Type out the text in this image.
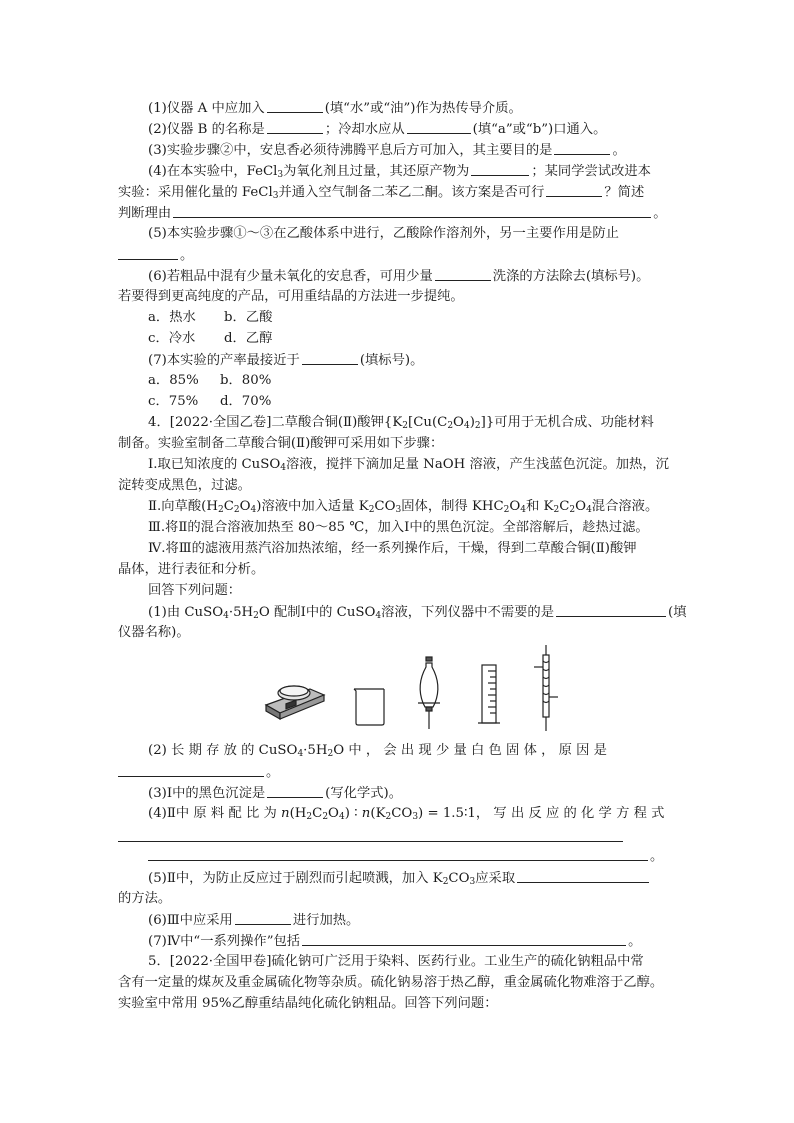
(1)仪器 A 中应加入	(填“水”或“油”)作为热传导介质。
(2)仪器 B 的名称是	；冷却水应从	(填“a”或“b”)口通入。
(3)实验步骤②中，安息香必须待沸腾平息后方可加入，其主要目的是	。
(4)在本实验中，FeCl$_3$为氧化剂且过量，其还原产物为	；某同学尝试改进本
实验：采用催化量的 FeCl$_3$并通入空气制备二苯乙二酮。该方案是否可行	？简述
判断理由	。
(5)本实验步骤①～③在乙酸体系中进行，乙酸除作溶剂外，另一主要作用是防止
。
(6)若粗品中混有少量未氧化的安息香，可用少量	洗涤的方法除去(填标号)。
若要得到更高纯度的产品，可用重结晶的方法进一步提纯。
a．热水 b．乙酸
c．冷水 d．乙醇
(7)本实验的产率最接近于	(填标号)。
a．85% b．80%
c．75% d．70%
4．[2022·全国乙卷]二草酸合铜(Ⅱ)酸钾$\{K_2[Cu(C_2O_4)_2]\}$可用于无机合成、功能材料
制备。实验室制备二草酸合铜(Ⅱ)酸钾可采用如下步骤：
Ⅰ.取已知浓度的 CuSO$_4$溶液，搅拌下滴加足量 NaOH 溶液，产生浅蓝色沉淀。加热，沉
淀转变成黑色，过滤。
Ⅱ.向草酸$(H_2C_2O_4)$溶液中加入适量 $K_2CO_3$固体，制得 $KHC_2O_4$和 $K_2C_2O_4$混合溶液。
Ⅲ.将Ⅱ的混合溶液加热至 80～85 ℃，加入Ⅰ中的黑色沉淀。全部溶解后，趁热过滤。
Ⅳ.将Ⅲ的滤液用蒸汽浴加热浓缩，经一系列操作后，干燥，得到二草酸合铜(Ⅱ)酸钾
晶体，进行表征和分析。
回答下列问题：
(1)由 $CuSO_4\cdot 5H_2O$ 配制Ⅰ中的 CuSO$_4$溶液，下列仪器中不需要的是	(填
仪器名称)。
(2) 长 期 存 放 的 $CuSO_4\cdot 5H_2O$ 中 ， 会 出 现 少 量 白 色 固 体 ， 原 因 是
。
(3)Ⅰ中的黑色沉淀是	(写化学式)。
(4)Ⅱ中 原 料 配 比 为 $n(H_2C_2O_4)$ ∶ $n(K_2CO_3)$ = 1.5∶1， 写 出 反 应 的 化 学 方 程 式
。
(5)Ⅱ中，为防止反应过于剧烈而引起喷溅，加入 $K_2CO_3$应采取
的方法。
(6)Ⅲ中应采用	进行加热。
(7)Ⅳ中“一系列操作”包括	。
5．[2022·全国甲卷]硫化钠可广泛用于染料、医药行业。工业生产的硫化钠粗品中常
含有一定量的煤灰及重金属硫化物等杂质。硫化钠易溶于热乙醇，重金属硫化物难溶于乙醇。
实验室中常用 95%乙醇重结晶纯化硫化钠粗品。回答下列问题：
